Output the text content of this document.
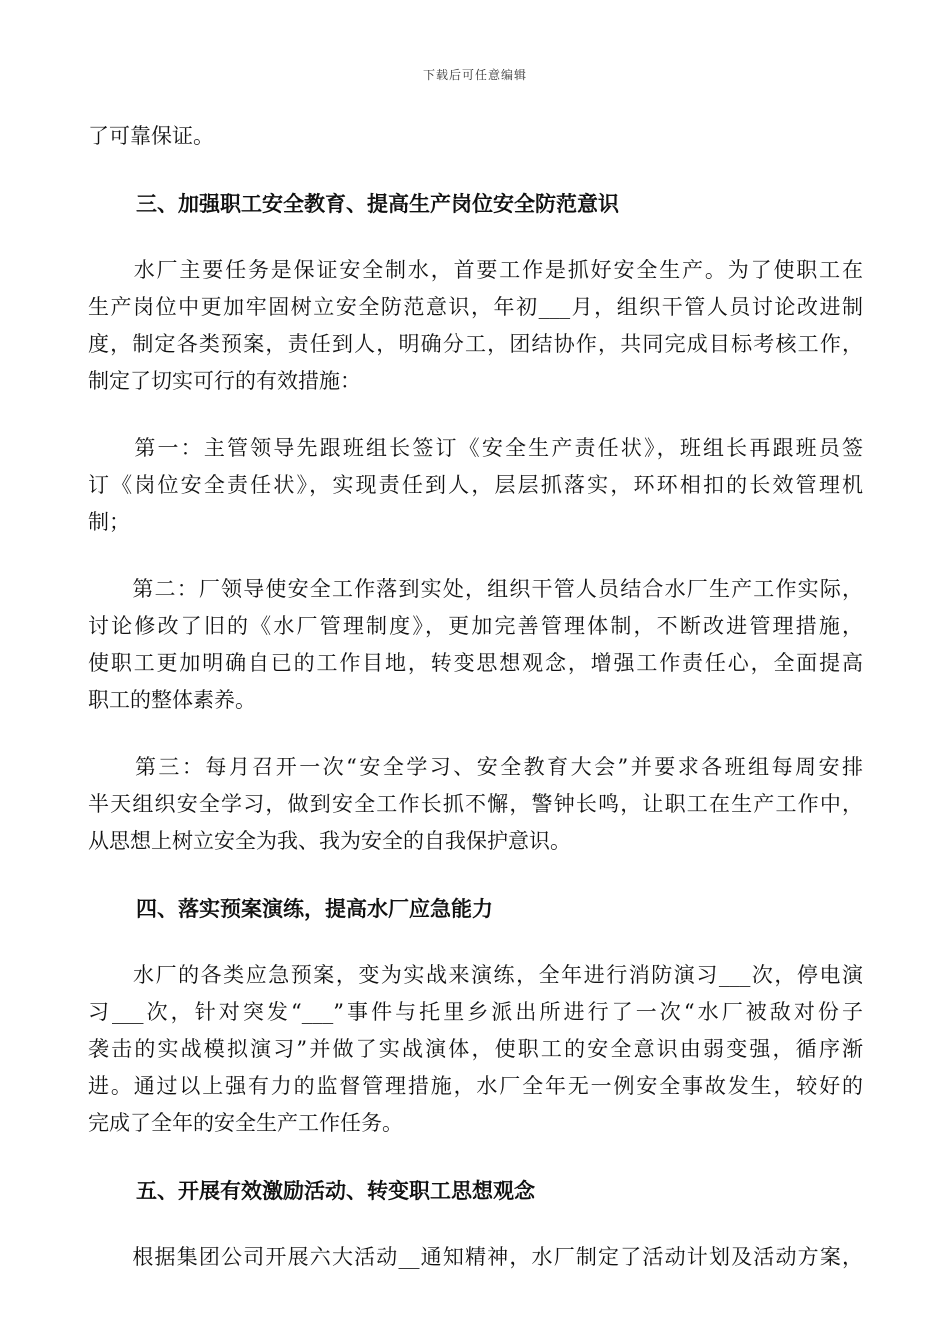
下载后可任意编辑
了可靠保证。
三、加强职工安全教育、提高生产岗位安全防范意识
　　水厂主要任务是保证安全制水，首要工作是抓好安全生产。为了使职工在
生产岗位中更加牢固树立安全防范意识，年初___月，组织干管人员讨论改进制
度，制定各类预案，责任到人，明确分工，团结协作，共同完成目标考核工作，
制定了切实可行的有效措施：
　　第一：主管领导先跟班组长签订《安全生产责任状》，班组长再跟班员签
订《岗位安全责任状》，实现责任到人，层层抓落实，环环相扣的长效管理机
制；
　　第二：厂领导使安全工作落到实处，组织干管人员结合水厂生产工作实际，
讨论修改了旧的《水厂管理制度》，更加完善管理体制，不断改进管理措施，
使职工更加明确自已的工作目地，转变思想观念，增强工作责任心，全面提高
职工的整体素养。
　　第三：每月召开一次“安全学习、安全教育大会”并要求各班组每周安排
半天组织安全学习，做到安全工作长抓不懈，警钟长鸣，让职工在生产工作中，
从思想上树立安全为我、我为安全的自我保护意识。
四、落实预案演练，提高水厂应急能力
　　水厂的各类应急预案，变为实战来演练，全年进行消防演习___次，停电演
习___次，针对突发“___”事件与托里乡派出所进行了一次“水厂被敌对份子
袭击的实战模拟演习”并做了实战演体，使职工的安全意识由弱变强，循序渐
进。通过以上强有力的监督管理措施，水厂全年无一例安全事故发生，较好的
完成了全年的安全生产工作任务。
五、开展有效激励活动、转变职工思想观念
　　根据集团公司开展六大活动__通知精神，水厂制定了活动计划及活动方案，
